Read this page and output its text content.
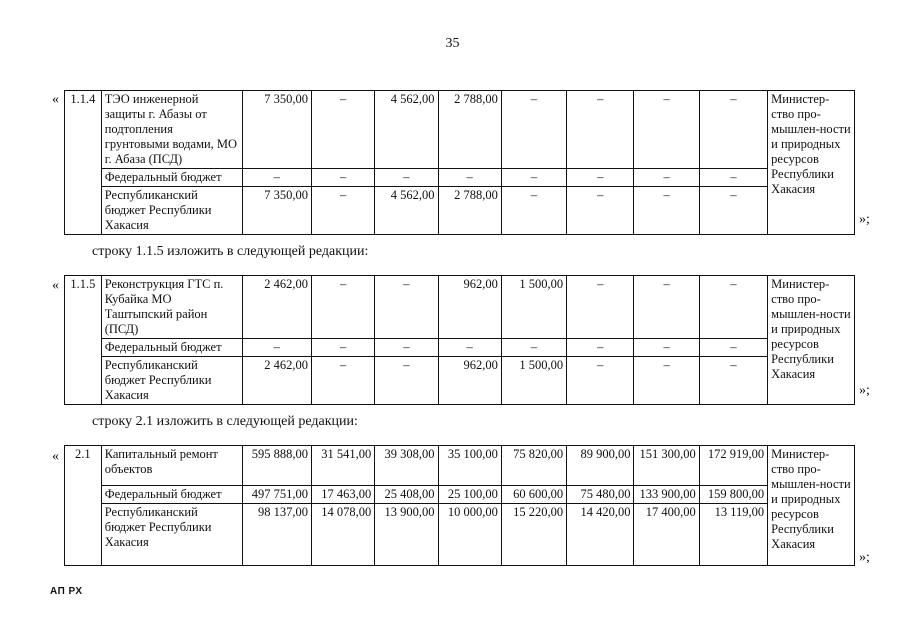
35
« 1.1.4	ТЭО инженерной защиты г. Абазы от подтопления грунтовыми водами, МО г. Абаза (ПСД)	7 350,00	–	4 562,00	2 788,00	–	–	–	–	Министер-ство про-мышлен-ности и природных ресурсов Республики Хакасия
	Федеральный бюджет	–	–	–	–	–	–	–	–	
	Республиканский бюджет Республики Хакасия	7 350,00	–	4 562,00	2 788,00	–	–	–	–	
»;
строку 1.1.5 изложить в следующей редакции:
« 1.1.5	Реконструкция ГТС п. Кубайка МО Таштыпский район (ПСД)	2 462,00	–	–	962,00	1 500,00	–	–	–	Министер-ство про-мышлен-ности и природных ресурсов Республики Хакасия
	Федеральный бюджет	–	–	–	–	–	–	–	–	
	Республиканский бюджет Республики Хакасия	2 462,00	–	–	962,00	1 500,00	–	–	–	
»;
строку 2.1 изложить в следующей редакции:
« 2.1	Капитальный ремонт объектов	595 888,00	31 541,00	39 308,00	35 100,00	75 820,00	89 900,00	151 300,00	172 919,00	Министер-ство про-мышлен-ности и природных ресурсов Республики Хакасия
	Федеральный бюджет	497 751,00	17 463,00	25 408,00	25 100,00	60 600,00	75 480,00	133 900,00	159 800,00	
	Республиканский бюджет Республики Хакасия	98 137,00	14 078,00	13 900,00	10 000,00	15 220,00	14 420,00	17 400,00	13 119,00	
»;
АП РХ
